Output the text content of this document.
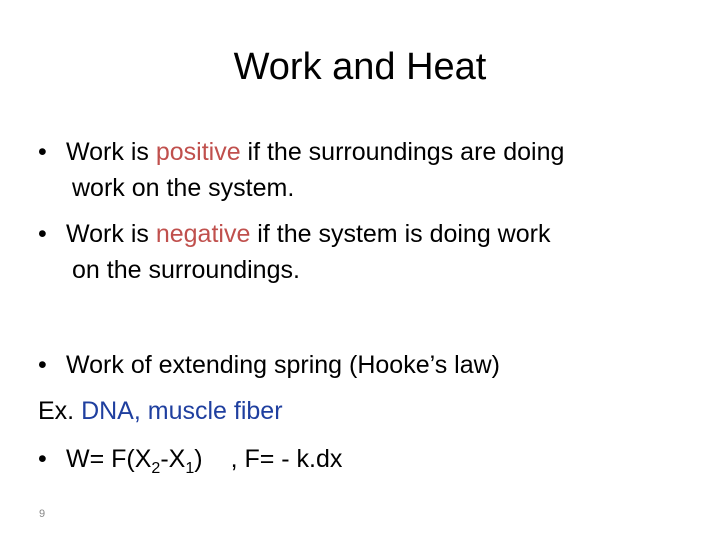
Work and Heat
• Work is positive if the surroundings are doing
work on the system.
• Work is negative if the system is doing work
on the surroundings.
• Work of extending spring (Hooke’s law)
Ex. DNA, muscle fiber
• $W= F(X_2-X_1)$ , F= - k.dx
9
